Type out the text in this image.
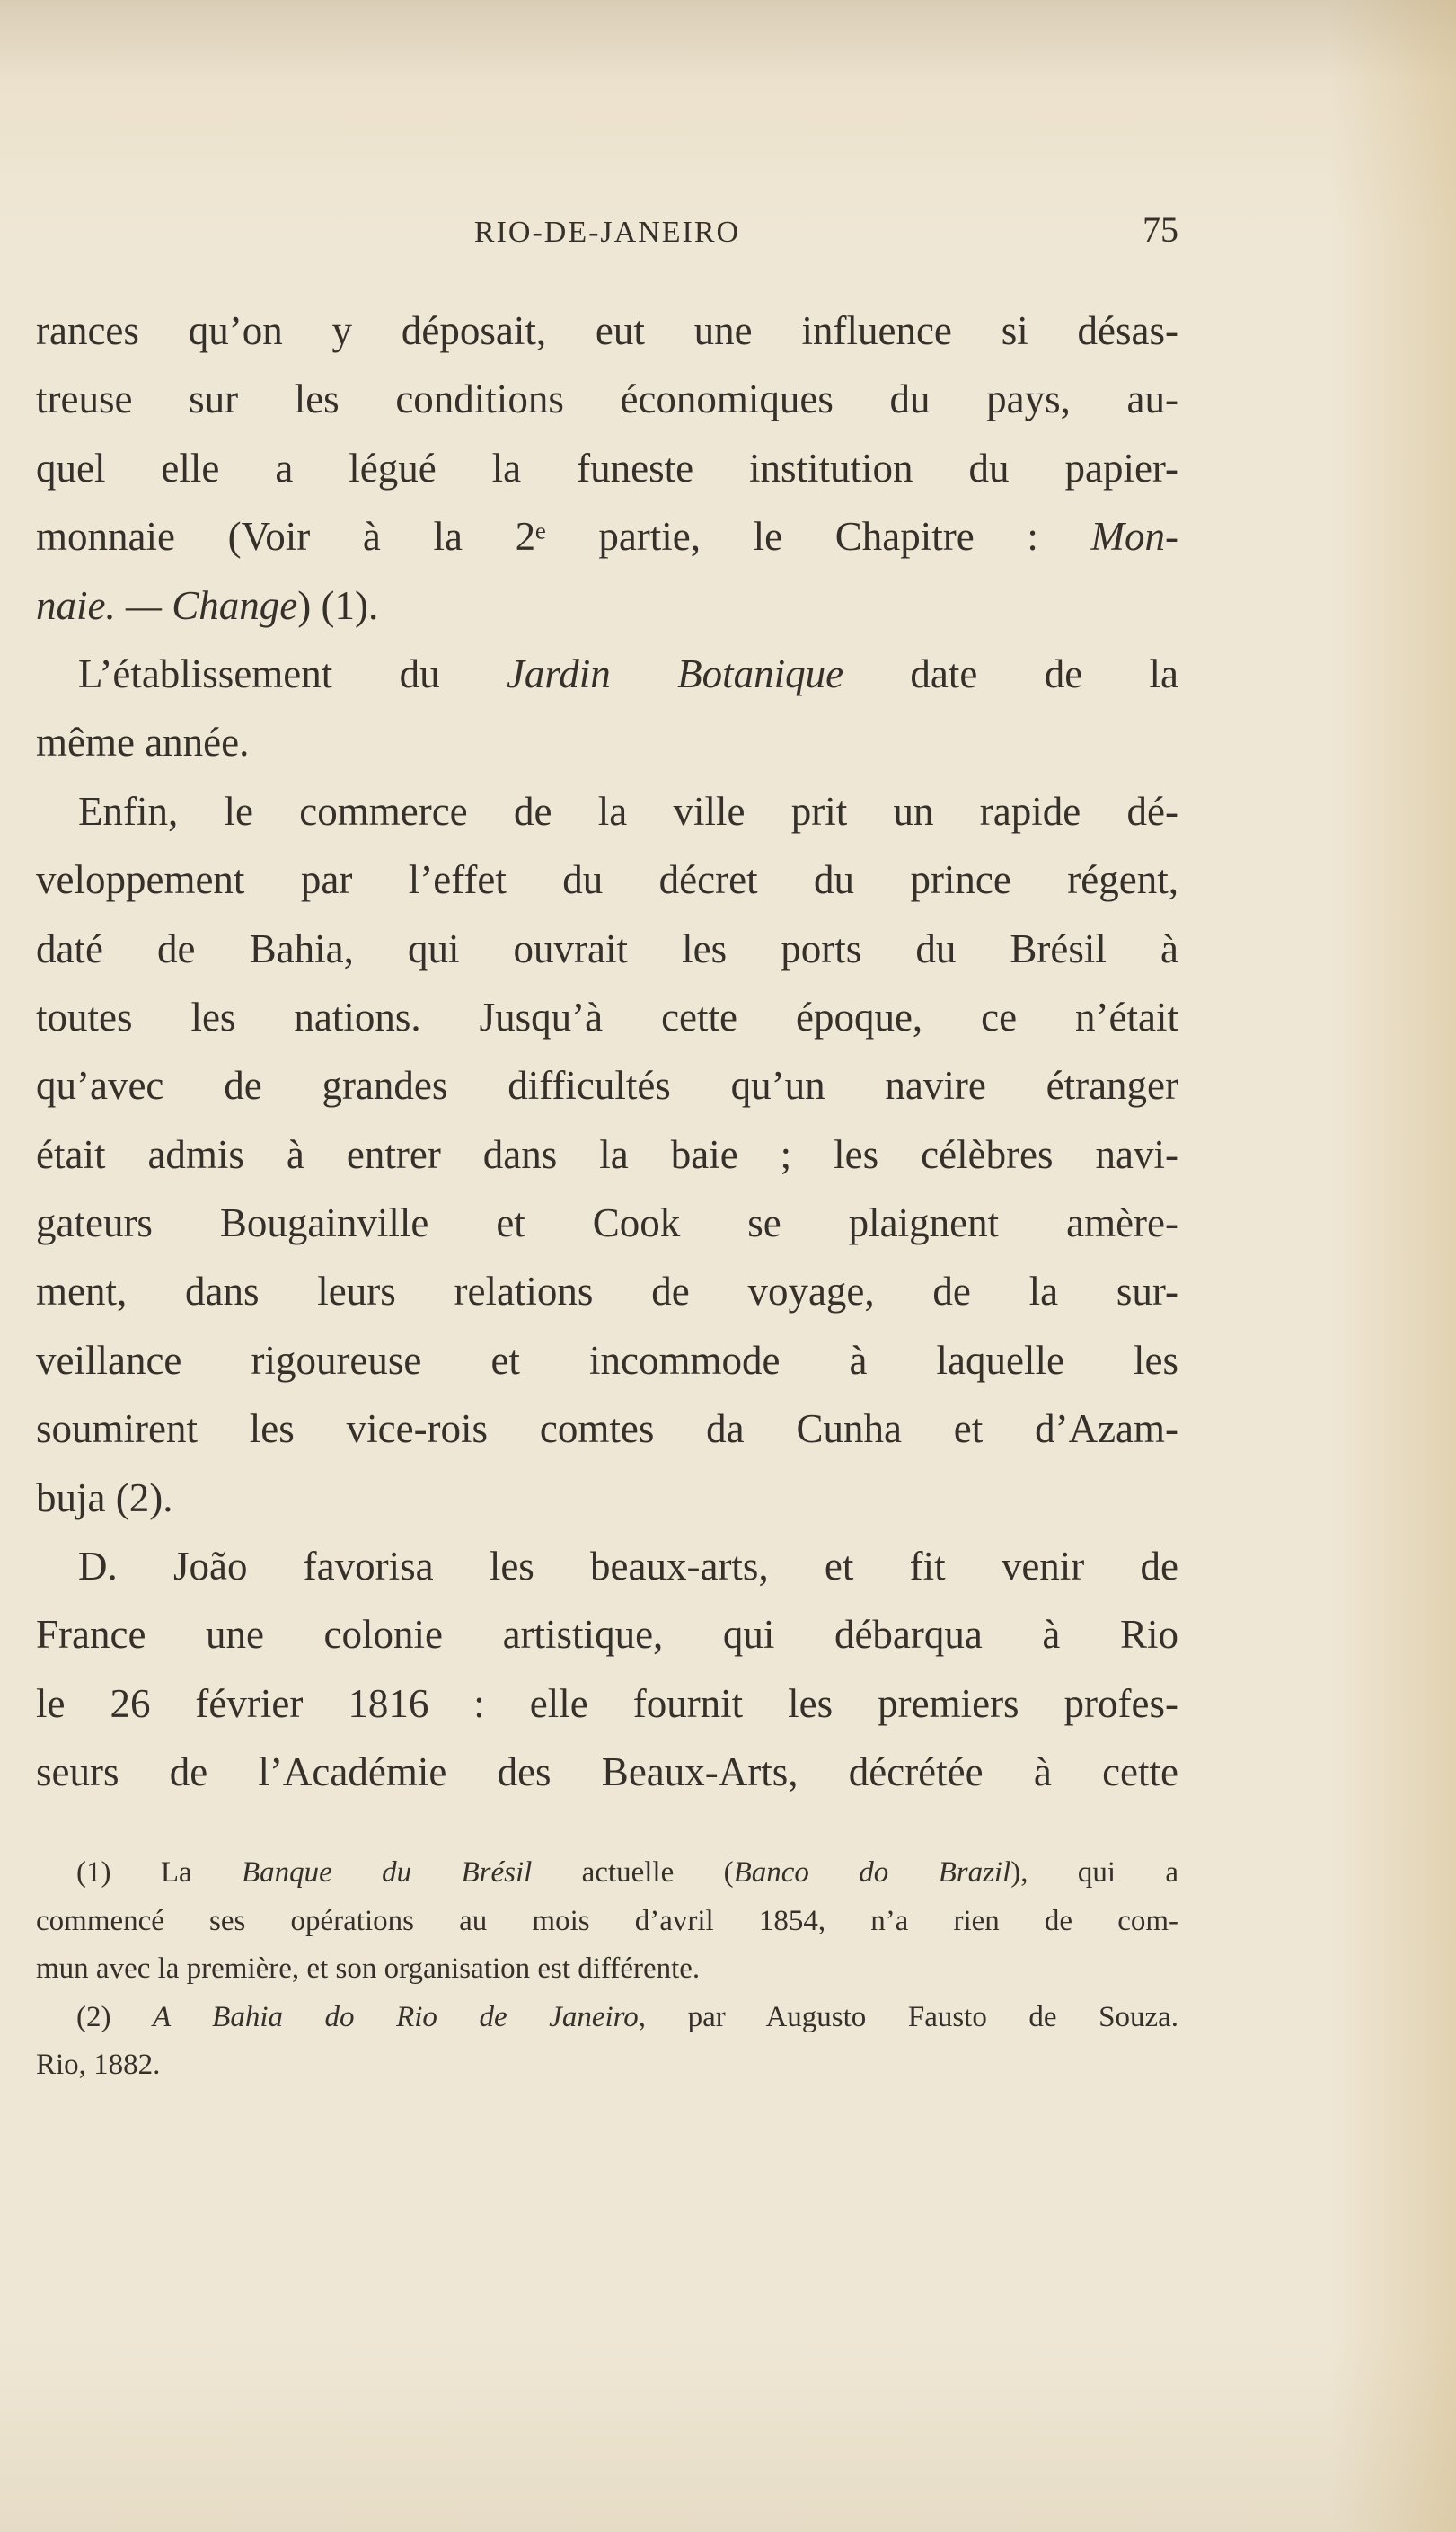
RIO-DE-JANEIRO	75
rances qu’on y déposait, eut une influence si désas-
treuse sur les conditions économiques du pays, au-
quel elle a légué la funeste institution du papier-
monnaie (Voir à la 2ᵉ partie, le Chapitre : Mon-
naie. — Change) (1).
L’établissement du Jardin Botanique date de la
même année.
Enfin, le commerce de la ville prit un rapide dé-
veloppement par l’effet du décret du prince régent,
daté de Bahia, qui ouvrait les ports du Brésil à
toutes les nations. Jusqu’à cette époque, ce n’était
qu’avec de grandes difficultés qu’un navire étranger
était admis à entrer dans la baie ; les célèbres navi-
gateurs Bougainville et Cook se plaignent amère-
ment, dans leurs relations de voyage, de la sur-
veillance rigoureuse et incommode à laquelle les
soumirent les vice-rois comtes da Cunha et d’Azam-
buja (2).
D. João favorisa les beaux-arts, et fit venir de
France une colonie artistique, qui débarqua à Rio
le 26 février 1816 : elle fournit les premiers profes-
seurs de l’Académie des Beaux-Arts, décrétée à cette
(1) La Banque du Brésil actuelle (Banco do Brazil), qui a
commencé ses opérations au mois d’avril 1854, n’a rien de com-
mun avec la première, et son organisation est différente.
(2) A Bahia do Rio de Janeiro, par Augusto Fausto de Souza.
Rio, 1882.
